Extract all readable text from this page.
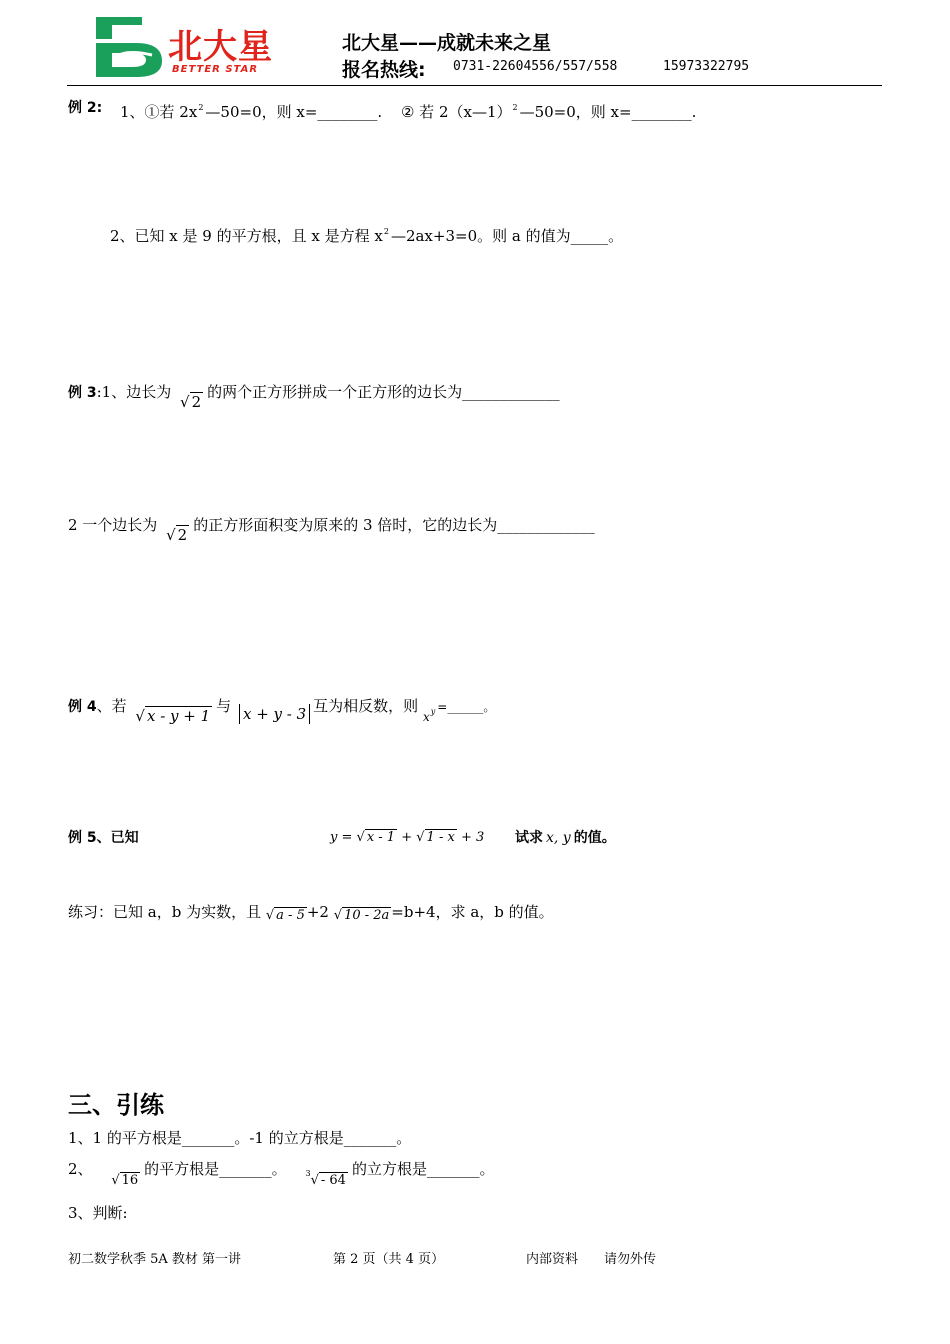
北大星
BETTER STAR
北大星——成就未来之星
报名热线: 0731-22604556/557/558	15973322795
例 2: 1、①若 $2x^2$ —50=0，则 x=________. ② 若 2（x—1）$^2$ —50=0，则 x=________.
2、已知 x 是 9 的平方根，且 x 是方程 $x^2$ —2ax+3=0。则 a 的值为_____。
例 3:1、边长为 √ 2的两个正方形拼成一个正方形的边长为_____________
2 一个边长为 √ 2的正方形面积变为原来的 3 倍时，它的边长为_____________
例 4、若 √ x - y + 1与 x + y - 3 互为相反数，则 $x^y$ =______。
例 5、已知	y = √ x - 1 + √ 1 - x + 3 试求 x, y 的值。
练习：已知 a，b 为实数，且 √ a - 5 +2 √ 10 - 2a =b+4，求 a，b 的值。
三、引练
1、1 的平方根是_______。-1 的立方根是_______。
2、 √ 16的平方根是_______。 $^3$√ - 64的立方根是_______。
3、判断:
初二数学秋季 5A 教材 第一讲	第 2 页（共 4 页）	内部资料 请勿外传
